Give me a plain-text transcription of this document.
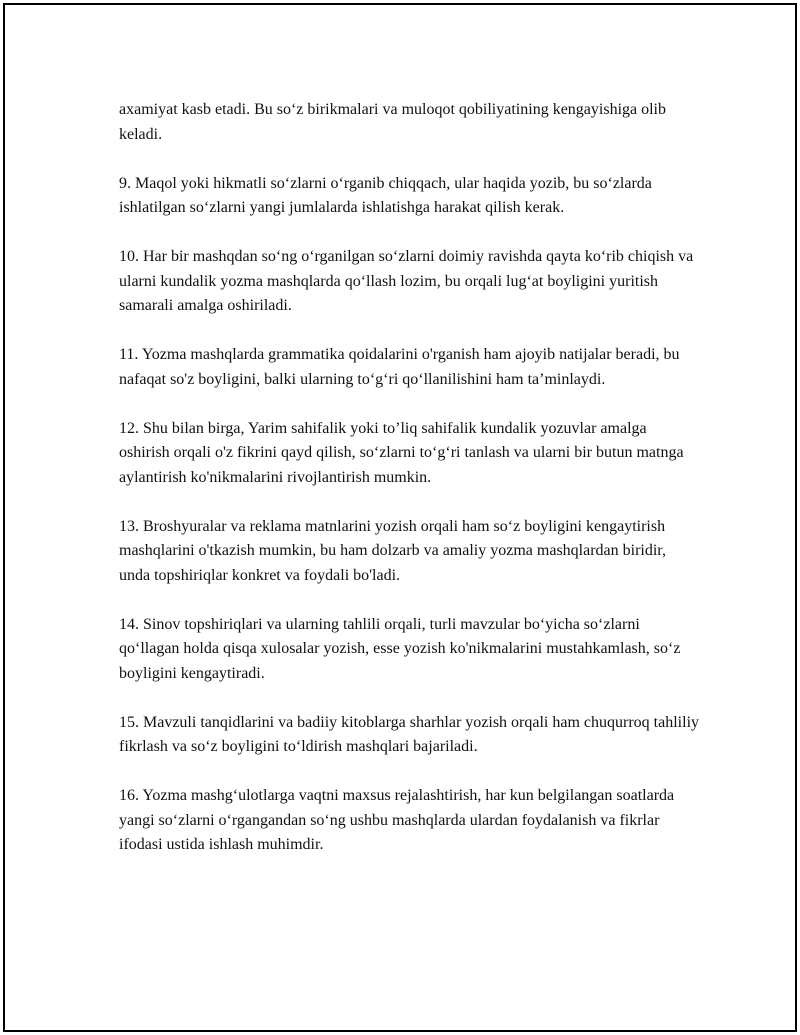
axamiyat kasb etadi. Bu so‘z birikmalari va muloqot qobiliyatining kengayishiga olib keladi.

9. Maqol yoki hikmatli so‘zlarni o‘rganib chiqqach, ular haqida yozib, bu so‘zlarda ishlatilgan so‘zlarni yangi jumlalarda ishlatishga harakat qilish kerak.

10. Har bir mashqdan so‘ng o‘rganilgan so‘zlarni doimiy ravishda qayta ko‘rib chiqish va ularni kundalik yozma mashqlarda qo‘llash lozim, bu orqali lug‘at boyligini yuritish samarali amalga oshiriladi.

11. Yozma mashqlarda grammatika qoidalarini o'rganish ham ajoyib natijalar beradi, bu nafaqat so'z boyligini, balki ularning to‘g‘ri qo‘llanilishini ham ta’minlaydi.

12. Shu bilan birga, Yarim sahifalik yoki to’liq sahifalik kundalik yozuvlar amalga oshirish orqali o'z fikrini qayd qilish, so‘zlarni to‘g‘ri tanlash va ularni bir butun matnga aylantirish ko'nikmalarini rivojlantirish mumkin.

13. Broshyuralar va reklama matnlarini yozish orqali ham so‘z boyligini kengaytirish mashqlarini o'tkazish mumkin, bu ham dolzarb va amaliy yozma mashqlardan biridir, unda topshiriqlar konkret va foydali bo'ladi.

14. Sinov topshiriqlari va ularning tahlili orqali, turli mavzular bo‘yicha so‘zlarni qo‘llagan holda qisqa xulosalar yozish, esse yozish ko'nikmalarini mustahkamlash, so‘z boyligini kengaytiradi.

15. Mavzuli tanqidlarini va badiiy kitoblarga sharhlar yozish orqali ham chuqurroq tahliliy fikrlash va so‘z boyligini to‘ldirish mashqlari bajariladi.

16. Yozma mashg‘ulotlarga vaqtni maxsus rejalashtirish, har kun belgilangan soatlarda yangi so‘zlarni o‘rgangandan so‘ng ushbu mashqlarda ulardan foydalanish va fikrlar ifodasi ustida ishlash muhimdir.
